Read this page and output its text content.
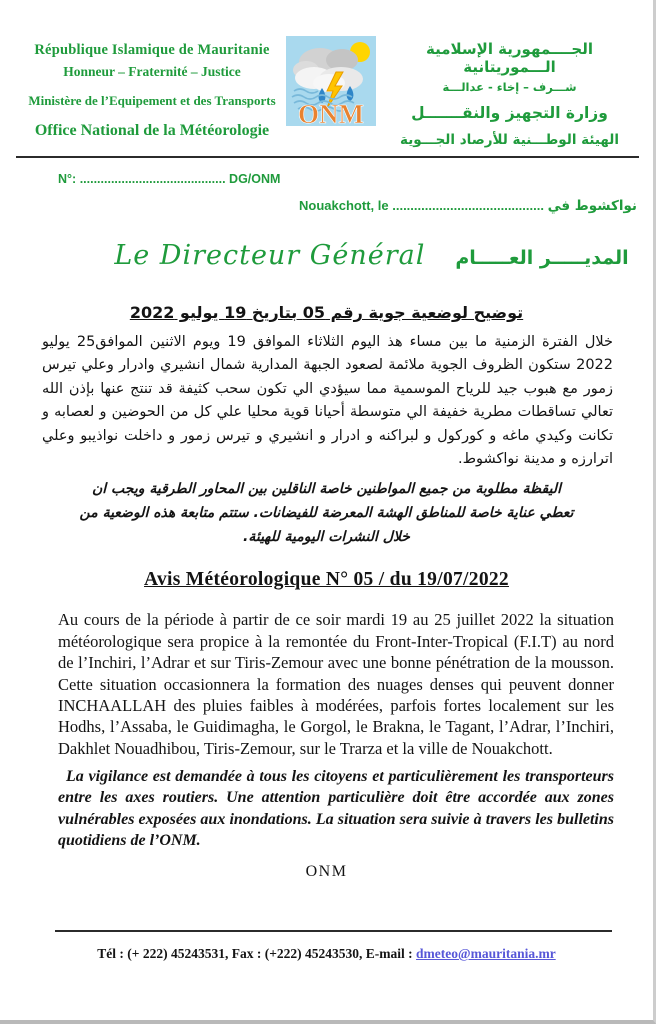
République Islamique de Mauritanie
Honneur – Fraternité – Justice
Ministère de l’Equipement et des Transports
Office National de la Météorologie
ONM
الجــــمهورية الإسلامية الـــموريتانية
شـــرف – إخاء - عدالـــة
وزارة التجهيز والنقـــــــل
الهيئة الوطـــنية للأرصاد الجـــوية
N°: .......................................... DG/ONM
Nouakchott, le .......................................... نواكشوط في
Le Directeur Général المديـــــر العـــــام
توضيح لوضعية جوية رقم 05 بتاريخ 19 يوليو 2022

خلال الفترة الزمنية ما بين مساء هذ اليوم الثلاثاء الموافق 19 ويوم الاثنين الموافق25 يوليو 2022 ستكون الظروف الجوية ملائمة لصعود الجبهة المدارية شمال انشيري وادرار وعلي تيرس زمور مع هبوب جيد للرياح الموسمية مما سيؤدي الي تكون سحب كثيفة قد تنتج عنها بإذن الله تعالي تساقطات مطرية خفيفة الي متوسطة أحيانا قوية محليا علي كل من الحوضين و لعصابه و تكانت وكيدي ماغه و كوركول و لبراكنه و ادرار و انشيري و تيرس زمور و داخلت نواذيبو وعلي اترارزه و مدينة نواكشوط.

اليقظة مطلوبة من جميع المواطنين خاصة الناقلين بين المحاور الطرقية ويجب ان تعطي عناية خاصة للمناطق الهشة المعرضة للفيضانات. ستتم متابعة هذه الوضعية من خلال النشرات اليومية للهيئة.

Avis Météorologique N° 05 / du 19/07/2022

Au cours de la période à partir de ce soir mardi 19 au 25 juillet 2022 la situation météorologique sera propice à la remontée du Front-Inter-Tropical (F.I.T) au nord de l’Inchiri, l’Adrar et sur Tiris-Zemour avec une bonne pénétration de la mousson. Cette situation occasionnera la formation des nuages denses qui peuvent donner INCHAALLAH des pluies faibles à modérées, parfois fortes localement sur les Hodhs, l’Assaba, le Guidimagha, le Gorgol, le Brakna, le Tagant, l’Adrar, l’Inchiri, Dakhlet Nouadhibou, Tiris-Zemour, sur le Trarza et la ville de Nouakchott.

La vigilance est demandée à tous les citoyens et particulièrement les transporteurs entre les axes routiers. Une attention particulière doit être accordée aux zones vulnérables exposées aux inondations. La situation sera suivie à travers les bulletins quotidiens de l’ONM.

ONM
Tél : (+ 222) 45243531, Fax : (+222) 45243530, E-mail : dmeteo@mauritania.mr
